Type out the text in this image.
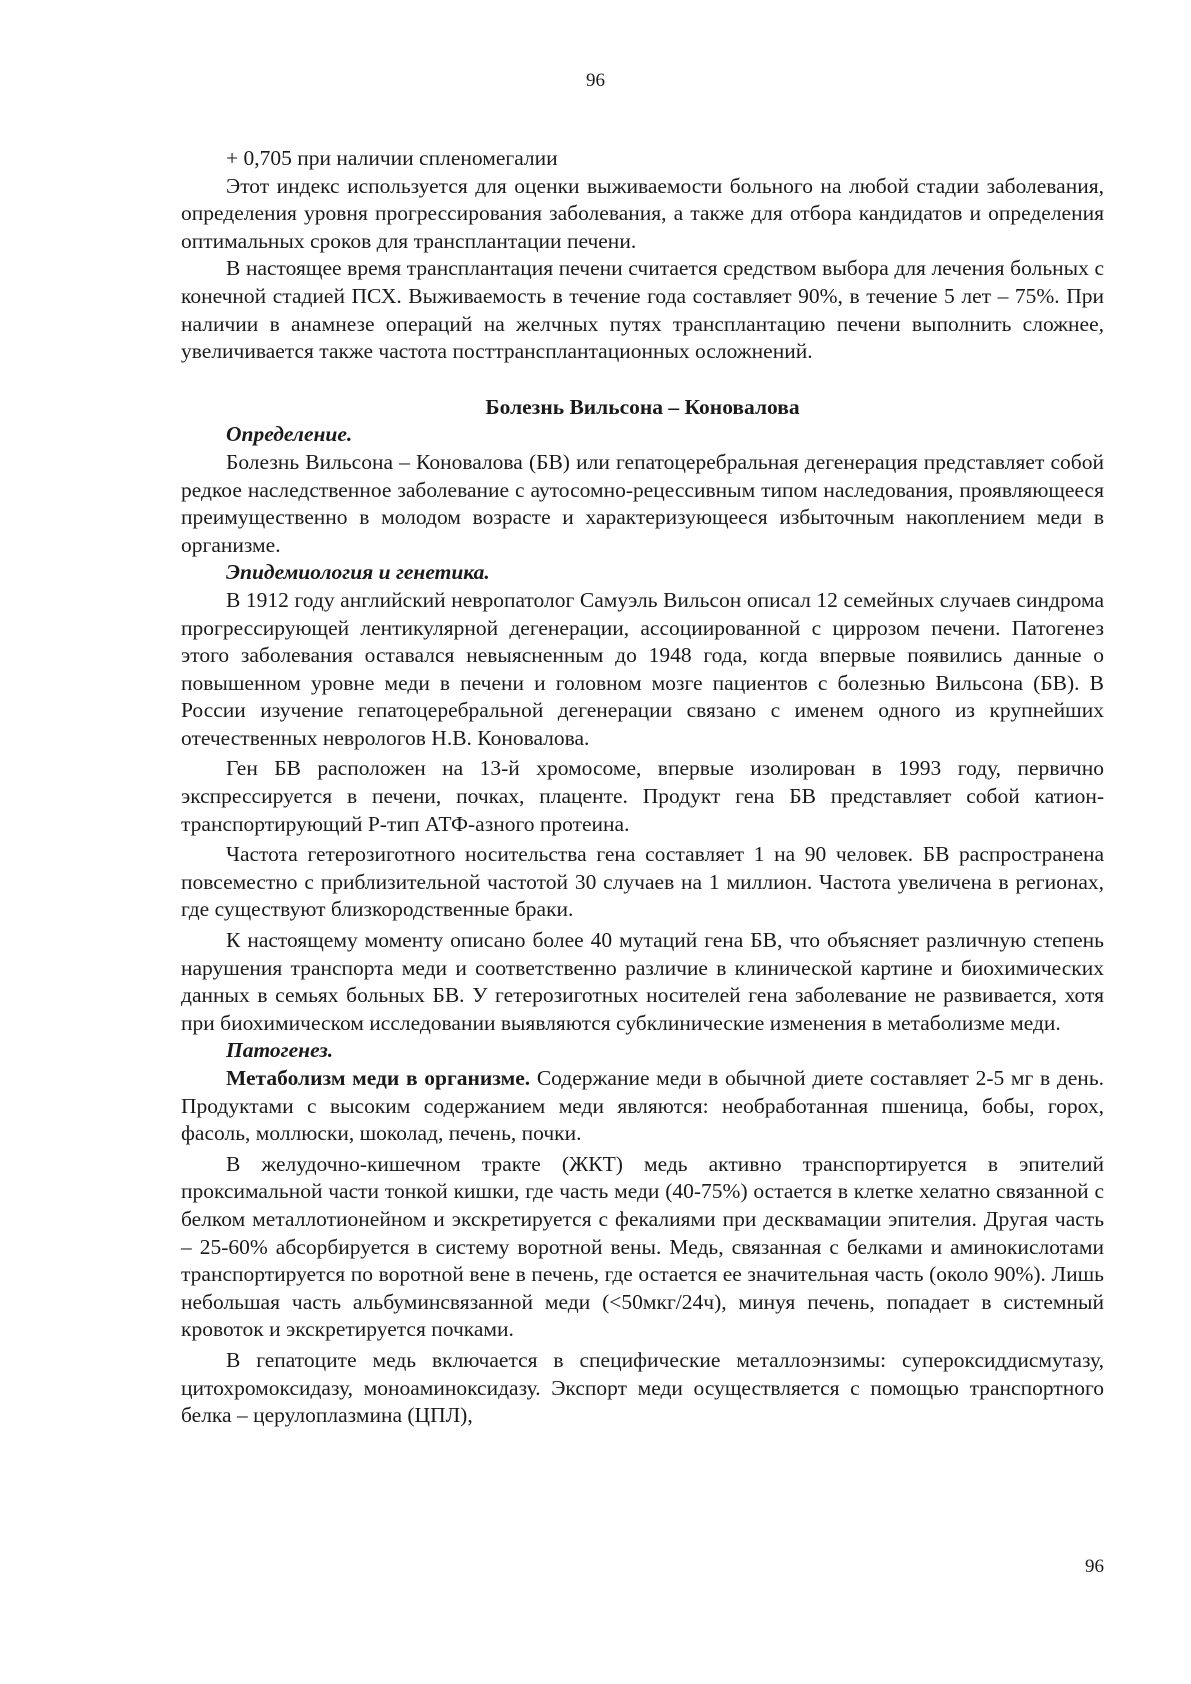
96

+ 0,705 при наличии спленомегалии

Этот индекс используется для оценки выживаемости больного на любой стадии заболевания, определения уровня прогрессирования заболевания, а также для отбора кандидатов и определения оптимальных сроков для трансплантации печени.

В настоящее время трансплантация печени считается средством выбора для лечения больных с конечной стадией ПСХ. Выживаемость в течение года составляет 90%, в течение 5 лет – 75%. При наличии в анамнезе операций на желчных путях трансплантацию печени выполнить сложнее, увеличивается также частота посттрансплантационных осложнений.

Болезнь Вильсона – Коновалова
Определение.

Болезнь Вильсона – Коновалова (БВ) или гепатоцеребральная дегенерация представляет собой редкое наследственное заболевание с аутосомно-рецессивным типом наследования, проявляющееся преимущественно в молодом возрасте и характеризующееся избыточным накоплением меди в организме.

Эпидемиология и генетика.

В 1912 году английский невропатолог Самуэль Вильсон описал 12 семейных случаев синдрома прогрессирующей лентикулярной дегенерации, ассоциированной с циррозом печени. Патогенез этого заболевания оставался невыясненным до 1948 года, когда впервые появились данные о повышенном уровне меди в печени и головном мозге пациентов с болезнью Вильсона (БВ). В России изучение гепатоцеребральной дегенерации связано с именем одного из крупнейших отечественных неврологов Н.В. Коновалова.

Ген БВ расположен на 13-й хромосоме, впервые изолирован в 1993 году, первично экспрессируется в печени, почках, плаценте. Продукт гена БВ представляет собой катион-транспортирующий Р-тип АТФ-азного протеина.

Частота гетерозиготного носительства гена составляет 1 на 90 человек. БВ распространена повсеместно с приблизительной частотой 30 случаев на 1 миллион. Частота увеличена в регионах, где существуют близкородственные браки.

К настоящему моменту описано более 40 мутаций гена БВ, что объясняет различную степень нарушения транспорта меди и соответственно различие в клинической картине и биохимических данных в семьях больных БВ. У гетерозиготных носителей гена заболевание не развивается, хотя при биохимическом исследовании выявляются субклинические изменения в метаболизме меди.

Патогенез.

Метаболизм меди в организме. Содержание меди в обычной диете составляет 2-5 мг в день. Продуктами с высоким содержанием меди являются: необработанная пшеница, бобы, горох, фасоль, моллюски, шоколад, печень, почки.

В желудочно-кишечном тракте (ЖКТ) медь активно транспортируется в эпителий проксимальной части тонкой кишки, где часть меди (40-75%) остается в клетке хелатно связанной с белком металлотионейном и экскретируется с фекалиями при десквамации эпителия. Другая часть – 25-60% абсорбируется в систему воротной вены. Медь, связанная с белками и аминокислотами транспортируется по воротной вене в печень, где остается ее значительная часть (около 90%). Лишь небольшая часть альбуминсвязанной меди (<50мкг/24ч), минуя печень, попадает в системный кровоток и экскретируется почками.

В гепатоците медь включается в специфические металлоэнзимы: супероксиддисмутазу, цитохромоксидазу, моноаминоксидазу. Экспорт меди осуществляется с помощью транспортного белка – церулоплазмина (ЦПЛ),

96
